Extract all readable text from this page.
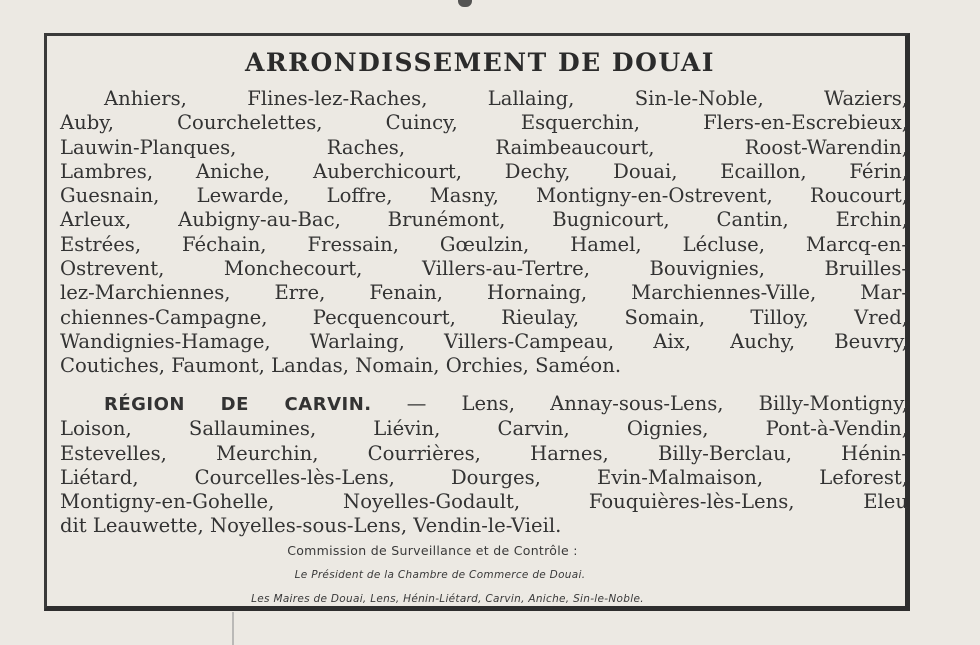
ARRONDISSEMENT DE DOUAI
Anhiers, Flines-lez-Raches, Lallaing, Sin-le-Noble, Waziers,
Auby, Courchelettes, Cuincy, Esquerchin, Flers-en-Escrebieux,
Lauwin-Planques, Raches, Raimbeaucourt, Roost-Warendin,
Lambres, Aniche, Auberchicourt, Dechy, Douai, Ecaillon, Férin,
Guesnain, Lewarde, Loffre, Masny, Montigny-en-Ostrevent, Roucourt,
Arleux, Aubigny-au-Bac, Brunémont, Bugnicourt, Cantin, Erchin,
Estrées, Féchain, Fressain, Gœulzin, Hamel, Lécluse, Marcq-en-
Ostrevent, Monchecourt, Villers-au-Tertre, Bouvignies, Bruilles-
lez-Marchiennes, Erre, Fenain, Hornaing, Marchiennes-Ville, Mar-
chiennes-Campagne, Pecquencourt, Rieulay, Somain, Tilloy, Vred,
Wandignies-Hamage, Warlaing, Villers-Campeau, Aix, Auchy, Beuvry,
Coutiches, Faumont, Landas, Nomain, Orchies, Saméon.
RÉGION DE CARVIN. — Lens, Annay-sous-Lens, Billy-Montigny,
Loison, Sallaumines, Liévin, Carvin, Oignies, Pont-à-Vendin,
Estevelles, Meurchin, Courrières, Harnes, Billy-Berclau, Hénin-
Liétard, Courcelles-lès-Lens, Dourges, Evin-Malmaison, Leforest,
Montigny-en-Gohelle, Noyelles-Godault, Fouquières-lès-Lens, Eleu
dit Leauwette, Noyelles-sous-Lens, Vendin-le-Vieil.
Commission de Surveillance et de Contrôle :
Le Président de la Chambre de Commerce de Douai.
Les Maires de Douai, Lens, Hénin-Liétard, Carvin, Aniche, Sin-le-Noble.
